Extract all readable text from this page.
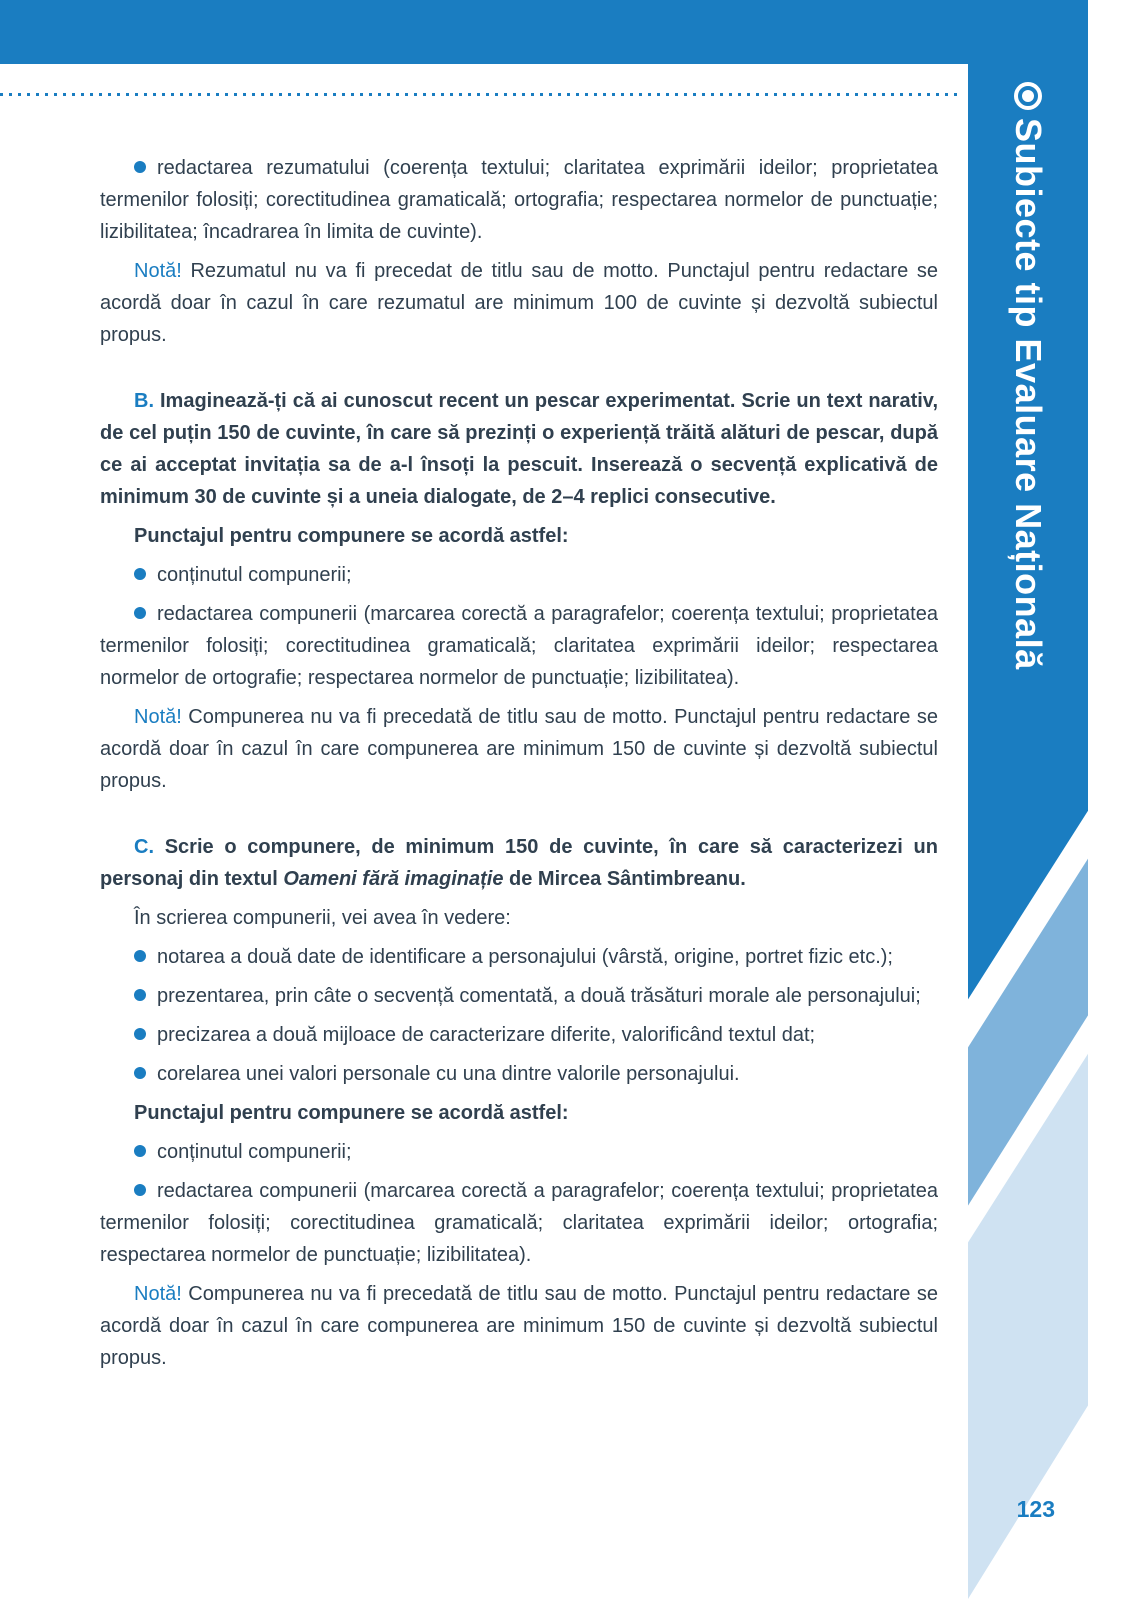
Subiecte tip Evaluare Națională

redactarea rezumatului (coerența textului; claritatea exprimării ideilor; proprietatea termenilor folosiți; corectitudinea gramaticală; ortografia; respectarea normelor de punctuație; lizibilitatea; încadrarea în limita de cuvinte).

Notă! Rezumatul nu va fi precedat de titlu sau de motto. Punctajul pentru redactare se acordă doar în cazul în care rezumatul are minimum 100 de cuvinte și dezvoltă subiectul propus.

B. Imaginează-ți că ai cunoscut recent un pescar experimentat. Scrie un text narativ, de cel puțin 150 de cuvinte, în care să prezinți o experiență trăită alături de pescar, după ce ai acceptat invitația sa de a-l însoți la pescuit. Inserează o secvență explicativă de minimum 30 de cuvinte și a uneia dialogate, de 2–4 replici consecutive.

Punctajul pentru compunere se acordă astfel:

conținutul compunerii;

redactarea compunerii (marcarea corectă a paragrafelor; coerența textului; proprietatea termenilor folosiți; corectitudinea gramaticală; claritatea exprimării ideilor; respectarea normelor de ortografie; respectarea normelor de punctuație; lizibilitatea).

Notă! Compunerea nu va fi precedată de titlu sau de motto. Punctajul pentru redactare se acordă doar în cazul în care compunerea are minimum 150 de cuvinte și dezvoltă subiectul propus.

C. Scrie o compunere, de minimum 150 de cuvinte, în care să caracterizezi un personaj din textul Oameni fără imaginație de Mircea Sântimbreanu.

În scrierea compunerii, vei avea în vedere:

notarea a două date de identificare a personajului (vârstă, origine, portret fizic etc.);

prezentarea, prin câte o secvență comentată, a două trăsături morale ale personajului;

precizarea a două mijloace de caracterizare diferite, valorificând textul dat;

corelarea unei valori personale cu una dintre valorile personajului.

Punctajul pentru compunere se acordă astfel:

conținutul compunerii;

redactarea compunerii (marcarea corectă a paragrafelor; coerența textului; proprietatea termenilor folosiți; corectitudinea gramaticală; claritatea exprimării ideilor; ortografia; respectarea normelor de punctuație; lizibilitatea).

Notă! Compunerea nu va fi precedată de titlu sau de motto. Punctajul pentru redactare se acordă doar în cazul în care compunerea are minimum 150 de cuvinte și dezvoltă subiectul propus.

123
